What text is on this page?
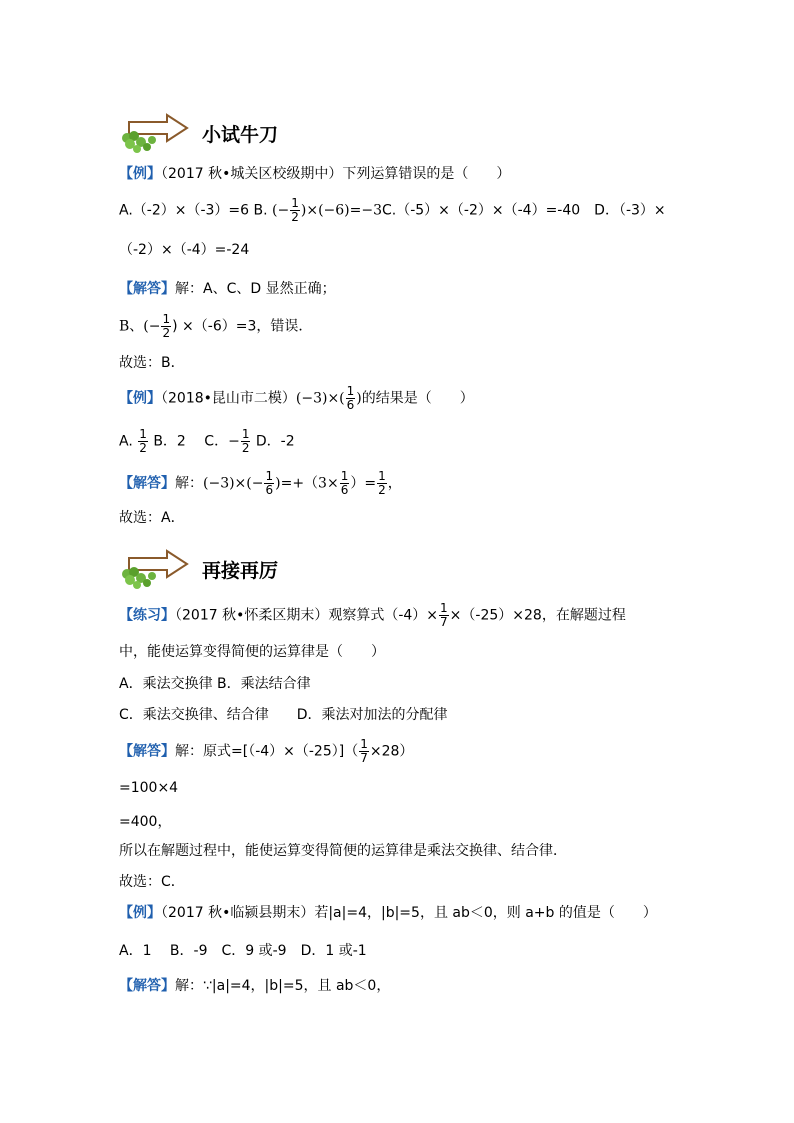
小试牛刀
【例】（2017 秋•城关区校级期中）下列运算错误的是（　　）
A.（-2）×（-3）=6 B. (− $\frac{1}{2} )\times(-6)=-3C.(-5)\times(-2)\times(-4)=-40$　D．（-3）×
（-2）×（-4）=-24
【解答】解：A、C、D 显然正确；
B、(− $\frac{1}{2}$ ) ×（-6）=3，错误．
故选：B．
【例】（2018•昆山市二模）$(-3)\times( \frac{1}{6}$ )的结果是（　　）
A. $\frac{1}{2}$ B．2　 C．− $\frac{1}{2}$ D．-2
【解答】解：$(-3)\times(- \frac{1}{6} )=+(3\times \frac{1}{6}$ ）= $\frac{1}{2}$ ，
故选：A．
再接再厉
【练习】（2017 秋•怀柔区期末）观察算式$(-4)\times \frac{1}{7} \times(-25)\times 28$，在解题过程
中，能使运算变得简便的运算律是（　　）
A．乘法交换律 B．乘法结合律
C．乘法交换律、结合律　　D．乘法对加法的分配律
【解答】解：原式$=[(-4)\times(-25)]( \frac{1}{7} \times 28)$
=100×4
=400，
所以在解题过程中，能使运算变得简便的运算律是乘法交换律、结合律．
故选：C．
【例】（2017 秋•临颍县期末）若|a|=4，|b|=5，且 ab＜0，则 a+b 的值是（　　）
A．1　 B．-9　C．9 或-9　D．1 或-1
【解答】解：∵|a|=4，|b|=5，且 ab＜0，
